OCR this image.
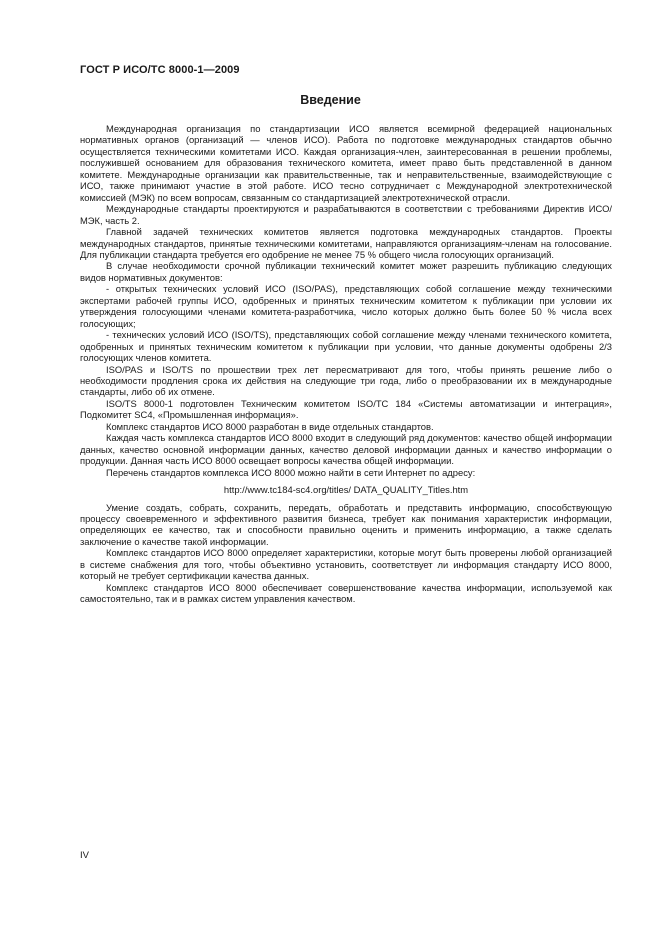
ГОСТ Р ИСО/ТС 8000-1—2009
Введение

Международная организация по стандартизации ИСО является всемирной федерацией национальных нормативных органов (организаций — членов ИСО). Работа по подготовке международных стандартов обычно осуществляется техническими комитетами ИСО. Каждая организация-член, заинтересованная в решении проблемы, послужившей основанием для образования технического комитета, имеет право быть представленной в данном комитете. Международные организации как правительственные, так и неправительственные, взаимодействующие с ИСО, также принимают участие в этой работе. ИСО тесно сотрудничает с Международной электротехнической комиссией (МЭК) по всем вопросам, связанным со стандартизацией электротехнической отрасли.

Международные стандарты проектируются и разрабатываются в соответствии с требованиями Директив ИСО/МЭК, часть 2.

Главной задачей технических комитетов является подготовка международных стандартов. Проекты международных стандартов, принятые техническими комитетами, направляются организациям-членам на голосование. Для публикации стандарта требуется его одобрение не менее 75 % общего числа голосующих организаций.

В случае необходимости срочной публикации технический комитет может разрешить публикацию следующих видов нормативных документов:

- открытых технических условий ИСО (ISO/PAS), представляющих собой соглашение между техническими экспертами рабочей группы ИСО, одобренных и принятых техническим комитетом к публикации при условии их утверждения голосующими членами комитета-разработчика, число которых должно быть более 50 % числа всех голосующих;

- технических условий ИСО (ISO/TS), представляющих собой соглашение между членами технического комитета, одобренных и принятых техническим комитетом к публикации при условии, что данные документы одобрены 2/3 голосующих членов комитета.

ISO/PAS и ISO/TS по прошествии трех лет пересматривают для того, чтобы принять решение либо о необходимости продления срока их действия на следующие три года, либо о преобразовании их в международные стандарты, либо об их отмене.

ISO/TS 8000-1 подготовлен Техническим комитетом ISO/TC 184 «Системы автоматизации и интеграция», Подкомитет SC4, «Промышленная информация».

Комплекс стандартов ИСО 8000 разработан в виде отдельных стандартов.

Каждая часть комплекса стандартов ИСО 8000 входит в следующий ряд документов: качество общей информации данных, качество основной информации данных, качество деловой информации данных и качество информации о продукции. Данная часть ИСО 8000 освещает вопросы качества общей информации.

Перечень стандартов комплекса ИСО 8000 можно найти в сети Интернет по адресу:

http://www.tc184-sc4.org/titles/ DATA_QUALITY_Titles.htm

Умение создать, собрать, сохранить, передать, обработать и представить информацию, способствующую процессу своевременного и эффективного развития бизнеса, требует как понимания характеристик информации, определяющих ее качество, так и способности правильно оценить и применить информацию, а также сделать заключение о качестве такой информации.

Комплекс стандартов ИСО 8000 определяет характеристики, которые могут быть проверены любой организацией в системе снабжения для того, чтобы объективно установить, соответствует ли информация стандарту ИСО 8000, который не требует сертификации качества данных.

Комплекс стандартов ИСО 8000 обеспечивает совершенствование качества информации, используемой как самостоятельно, так и в рамках систем управления качеством.

IV
